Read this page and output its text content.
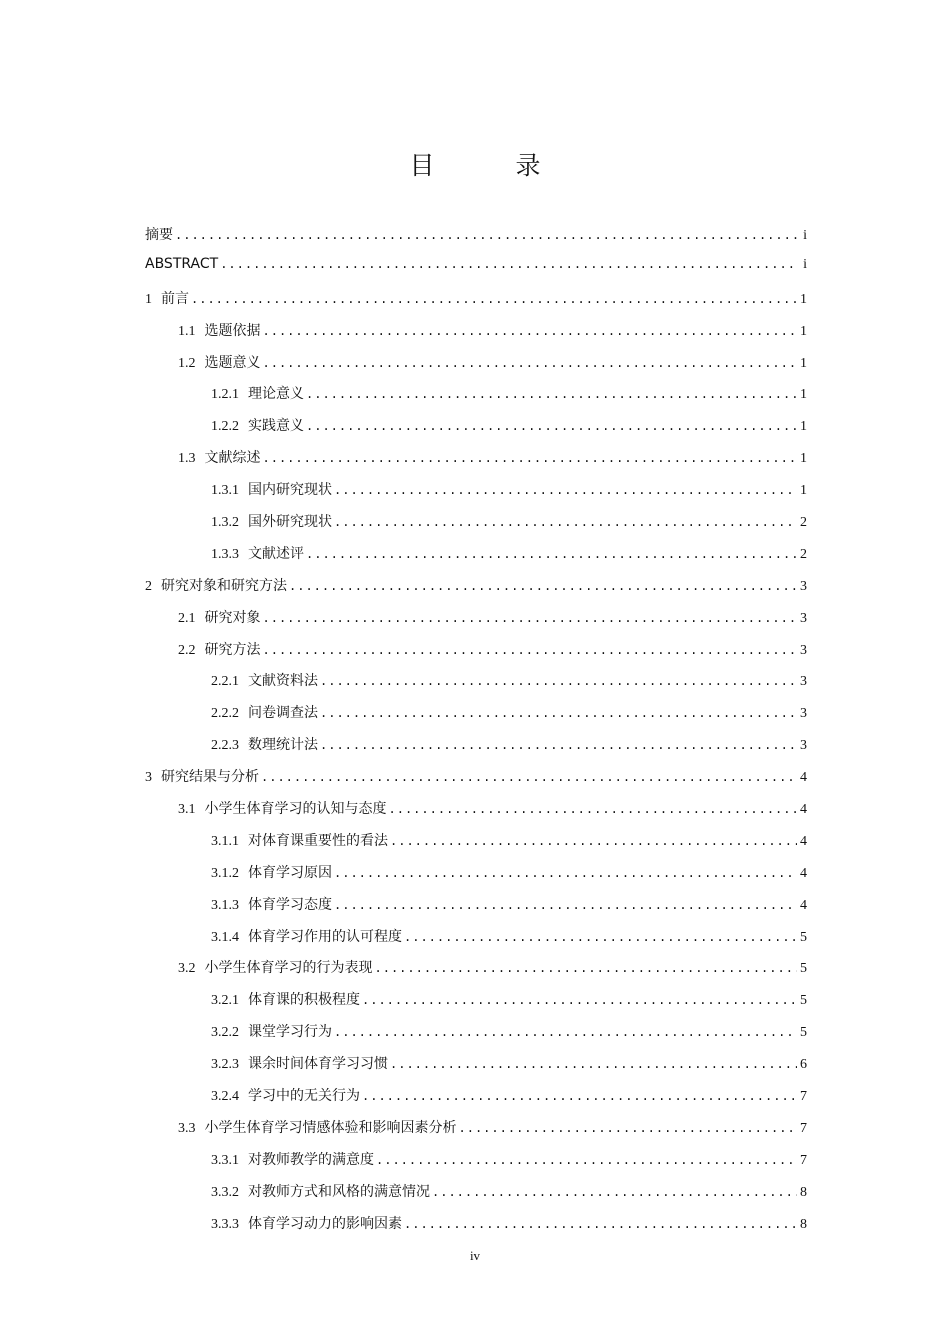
目　录
摘要 .....	i
ABSTRACT .....	i
1 前言 .....	1
1.1 选题依据 .....	1
1.2 选题意义 .....	1
1.2.1 理论意义 .....	1
1.2.2 实践意义 .....	1
1.3 文献综述 .....	1
1.3.1 国内研究现状 .....	1
1.3.2 国外研究现状 .....	2
1.3.3 文献述评 .....	2
2 研究对象和研究方法 .....	3
2.1 研究对象 .....	3
2.2 研究方法 .....	3
2.2.1 文献资料法 .....	3
2.2.2 问卷调查法 .....	3
2.2.3 数理统计法 .....	3
3 研究结果与分析 .....	4
3.1 小学生体育学习的认知与态度 .....	4
3.1.1 对体育课重要性的看法 .....	4
3.1.2 体育学习原因 .....	4
3.1.3 体育学习态度 .....	4
3.1.4 体育学习作用的认可程度 .....	5
3.2 小学生体育学习的行为表现 .....	5
3.2.1 体育课的积极程度 .....	5
3.2.2 课堂学习行为 .....	5
3.2.3 课余时间体育学习习惯 .....	6
3.2.4 学习中的无关行为 .....	7
3.3 小学生体育学习情感体验和影响因素分析 .....	7
3.3.1 对教师教学的满意度 .....	7
3.3.2 对教师方式和风格的满意情况 .....	8
3.3.3 体育学习动力的影响因素 .....	8
iv
